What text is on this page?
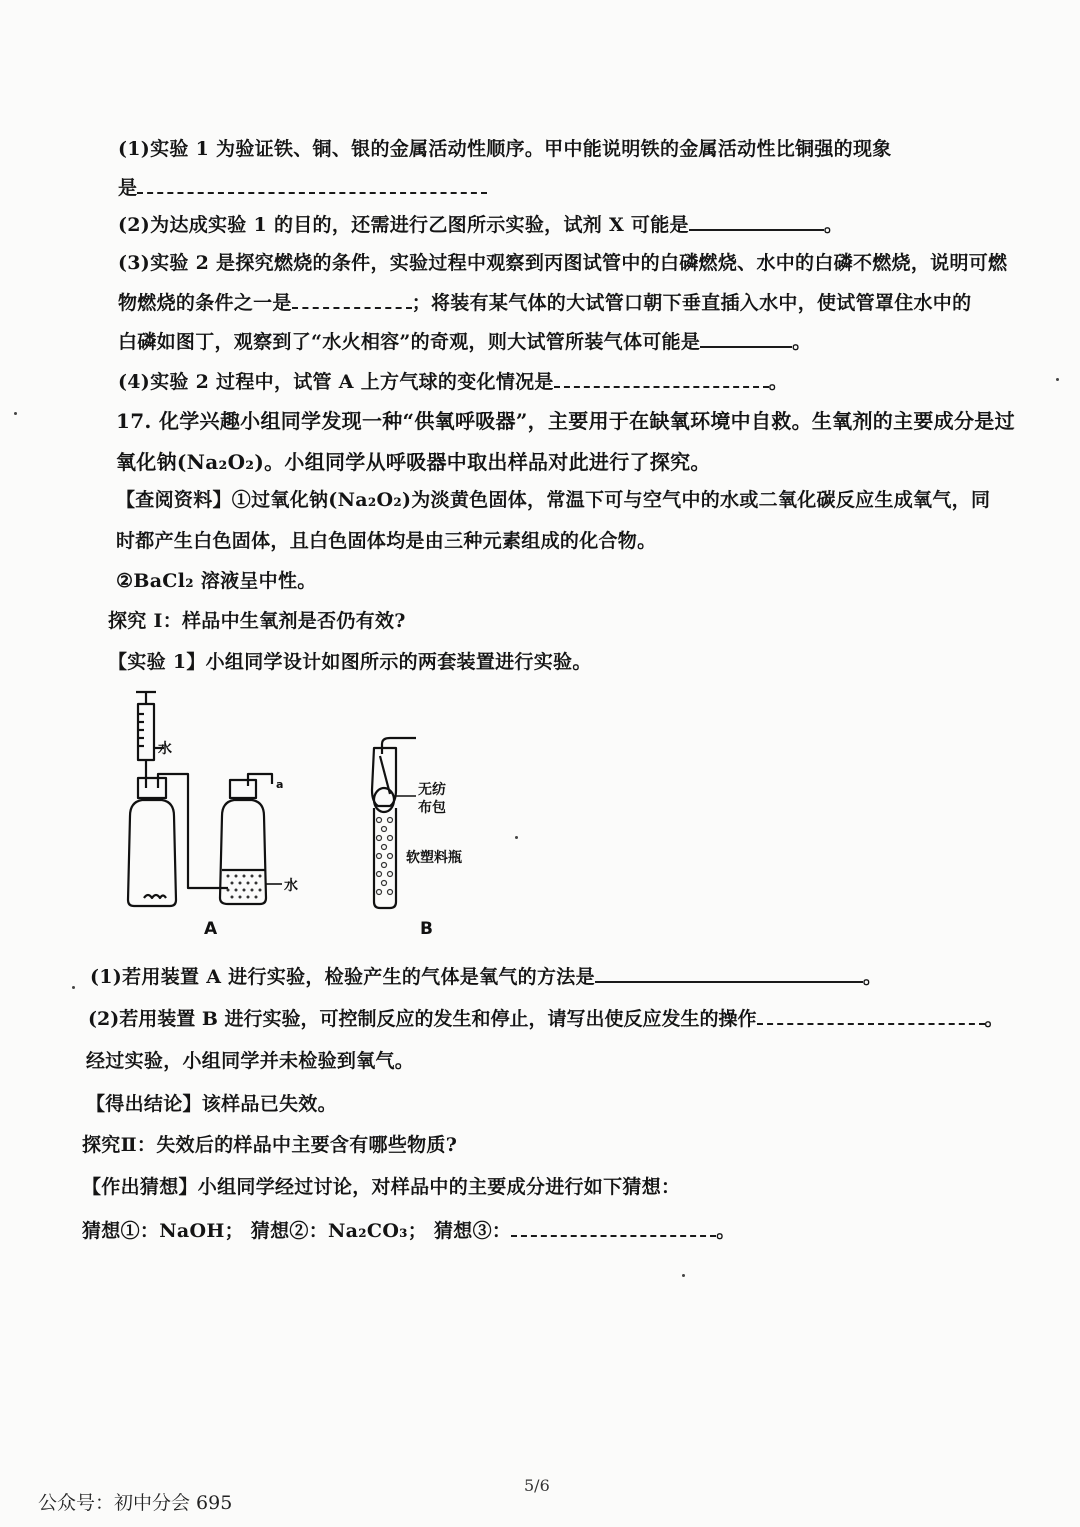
(1)实验 1 为验证铁、铜、银的金属活动性顺序。甲中能说明铁的金属活动性比铜强的现象
是
(2)为达成实验 1 的目的，还需进行乙图所示实验，试剂 X 可能是	。
(3)实验 2 是探究燃烧的条件，实验过程中观察到丙图试管中的白磷燃烧、水中的白磷不燃烧，说明可燃
物燃烧的条件之一是	；将装有某气体的大试管口朝下垂直插入水中，使试管罩住水中的
白磷如图丁，观察到了“水火相容”的奇观，则大试管所装气体可能是	。
(4)实验 2 过程中，试管 A 上方气球的变化情况是	。
17. 化学兴趣小组同学发现一种“供氧呼吸器”，主要用于在缺氧环境中自救。生氧剂的主要成分是过
氧化钠(Na₂O₂)。小组同学从呼吸器中取出样品对此进行了探究。
【查阅资料】①过氧化钠(Na₂O₂)为淡黄色固体，常温下可与空气中的水或二氧化碳反应生成氧气，同
时都产生白色固体，且白色固体均是由三种元素组成的化合物。
②BaCl₂ 溶液呈中性。
探究 I：样品中生氧剂是否仍有效?
【实验 1】小组同学设计如图所示的两套装置进行实验。
水
a
水
A
无纺
布包
软塑料瓶
B
(1)若用装置 A 进行实验，检验产生的气体是氧气的方法是	。
(2)若用装置 B 进行实验，可控制反应的发生和停止，请写出使反应发生的操作	。
经过实验，小组同学并未检验到氧气。
【得出结论】该样品已失效。
探究Ⅱ：失效后的样品中主要含有哪些物质?
【作出猜想】小组同学经过讨论，对样品中的主要成分进行如下猜想：
猜想①：NaOH； 猜想②：Na₂CO₃； 猜想③：	。
5/6
公众号：初中分会 695
